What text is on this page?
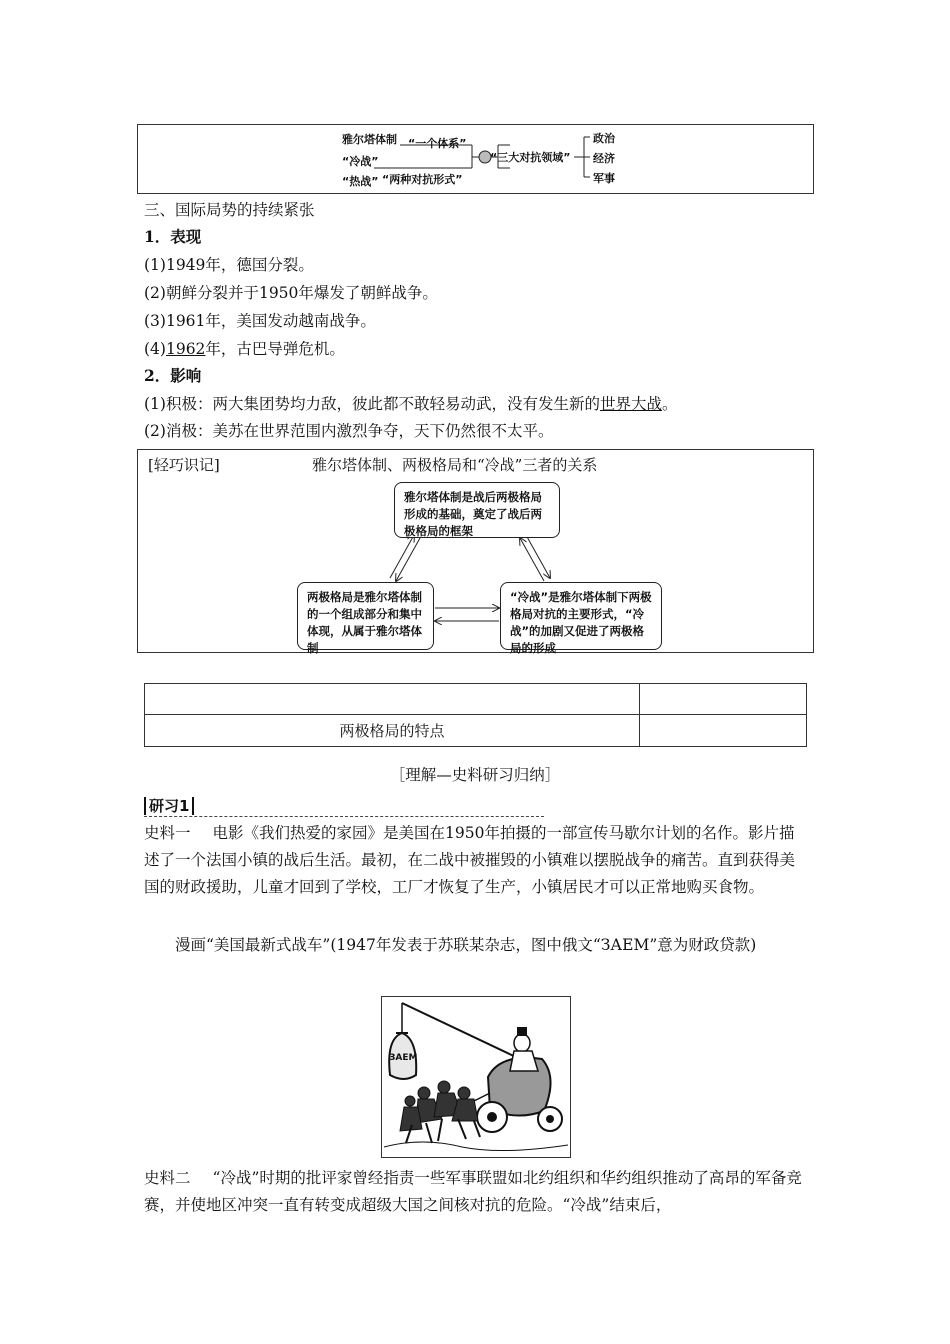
雅尔塔体制 “一个体系”
“冷战”
“热战” “两种对抗形式”
“三大对抗领域”
政治
经济
军事
三、国际局势的持续紧张
1．表现
(1)1949年，德国分裂。
(2)朝鲜分裂并于1950年爆发了朝鲜战争。
(3)1961年，美国发动越南战争。
(4)1962年，古巴导弹危机。
2．影响
(1)积极：两大集团势均力敌，彼此都不敢轻易动武，没有发生新的世界大战。
(2)消极：美苏在世界范围内激烈争夺，天下仍然很不太平。
[轻巧识记]	雅尔塔体制、两极格局和“冷战”三者的关系
雅尔塔体制是战后两极格局形成的基础，奠定了战后两极格局的框架
两极格局是雅尔塔体制的一个组成部分和集中体现，从属于雅尔塔体制
“冷战”是雅尔塔体制下两极格局对抗的主要形式，“冷战”的加剧又促进了两极格局的形成

两极格局的特点	
［理解—史料研习归纳］
研习1
史料一 电影《我们热爱的家园》是美国在1950年拍摄的一部宣传马歇尔计划的名作。影片描述了一个法国小镇的战后生活。最初，在二战中被摧毁的小镇难以摆脱战争的痛苦。直到获得美国的财政援助，儿童才回到了学校，工厂才恢复了生产，小镇居民才可以正常地购买食物。
漫画“美国最新式战车”(1947年发表于苏联某杂志，图中俄文“ЗАЕМ”意为财政贷款)
ЗАЕМ
史料二 “冷战”时期的批评家曾经指责一些军事联盟如北约组织和华约组织推动了高昂的军备竞赛，并使地区冲突一直有转变成超级大国之间核对抗的危险。“冷战”结束后，
